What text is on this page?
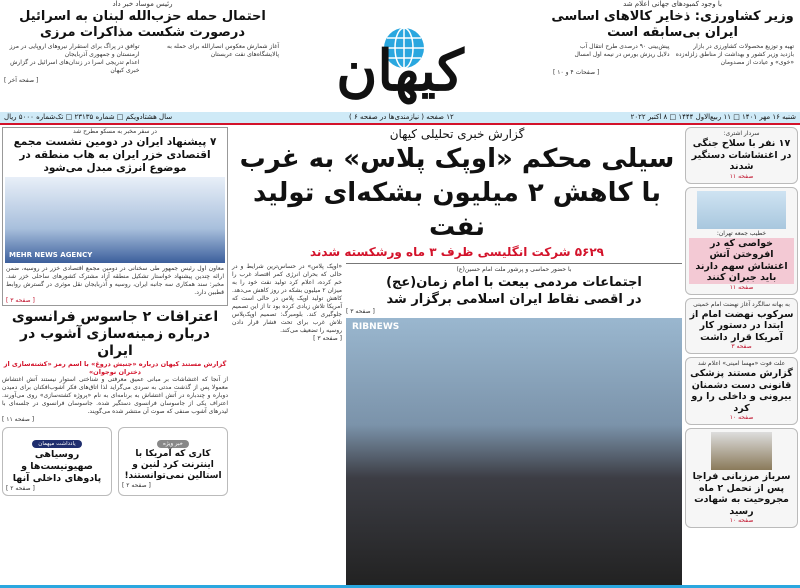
با وجود کمبودهای جهانی اعلام شد
وزیر کشاورزی: ذخایر کالاهای اساسی ایران بی‌سابقه است
تهیه و توزیع محصولات کشاورزی در بازار
بازدید وزیر کشور و بهداشت از مناطق زلزله‌زده «خوی» و عیادت از مصدومان
پیش‌بینی ۹۰ درصدی طرح انتقال آب
دلایل ریزش بورس در نیمه اول امسال
[ صفحات ۴ و ۱۰ ]
کیهان
رئیس موساد خبر داد
احتمال حمله حزب‌الله لبنان به اسرائیل درصورت شکست مذاکرات مرزی
آغاز شمارش معکوس انصارالله برای حمله به پالایشگاه‌های نفت عربستان
توافق در پراگ برای استقرار نیروهای اروپایی در مرز ارمنستان و جمهوری آذربایجان
اعدام تدریجی اسرا در زندان‌های اسرائیل در گزارش خبری کیهان
[ صفحه آخر ]
شنبه ۱۶ مهر ۱۴۰۱ □ ۱۱ ربیع‌الاول ۱۴۴۴ □ ۸ اکتبر ۲۰۲۲
۱۲ صفحه ( نیازمندی‌ها در صفحه ۶ )
سال هشتادویکم □ شماره ۲۳۱۳۵ □ تک‌شماره ۵۰۰۰ ریال
سردار اشتری:
۱۷ نفر با سلاح جنگی در اغتشاشات دستگیر شدند
صفحه ۱۱
خطیب جمعه تهران:
خواصی که در افروختن آتش اغتشاش سهم دارند باید جبران کنند
صفحه ۱۱
به بهانه سالگرد آغاز نهضت امام خمینی
سرکوب نهضت امام از ابتدا در دستور کار آمریکا قرار داشت
صفحه ۳
علت فوت «مهسا امینی» اعلام شد
گزارش مستند پزشکی قانونی دست دشمنان بیرونی و داخلی را رو کرد
صفحه ۱۰
سرباز مرزبانی فراجا پس از تحمل ۲ ماه مجروحیت به شهادت رسید
صفحه ۱۰
گزارش خبری تحلیلی کیهان
سیلی محکم «اوپک پلاس» به غرب
با کاهش ۲ میلیون بشکه‌ای تولید نفت
۵۶۲۹ شرکت انگلیسی ظرف ۳ ماه ورشکسته شدند
با حضور حماسی و پرشور ملت امام حسین(ع)
اجتماعات مردمی بیعت با امام زمان(عج)
در اقصی نقاط ایران اسلامی برگزار شد
[ صفحه ۳ ]
RIBNEWS
«اوپک پلاس» در حساس‌ترین شرایط و در حالی که بحران انرژی کمر اقتصاد غرب را خم کرده، اعلام کرد تولید نفت خود را به میزان ۲ میلیون بشکه در روز کاهش می‌دهد. کاهش تولید اوپک پلاس در حالی است که آمریکا تلاش زیادی کرده بود تا از این تصمیم جلوگیری کند. بلومبرگ: تصمیم اوپک‌پلاس تلاش غرب برای تحت فشار قرار دادن روسیه را تضعیف می‌کند.
[ صفحه ۳ ]
در سفر مخبر به مسکو مطرح شد
۷ پیشنهاد ایران در دومین نشست مجمع اقتصادی خزر ایران به هاب منطقه در موضوع انرژی مبدل می‌شود
MEHR NEWS AGENCY
معاون اول رئیس جمهور طی سخنانی در دومین مجمع اقتصادی خزر در روسیه، ضمن ارائه چندین پیشنهاد خواستار تشکیل منطقه آزاد مشترک کشورهای ساحلی خزر شد. مخبر: سند همکاری سه جانبه ایران، روسیه و آذربایجان نقل موثری در گسترش روابط قطبین دارد.
[ صفحه ۳ ]
اعترافات ۲ جاسوس فرانسوی
درباره زمینه‌سازی آشوب در ایران
گزارش مستند کیهان درباره «جنبش دروغ» با اسم رمز «کشته‌سازی از دختران نوجوان»
از آنجا که اغتشاشات بر مبانی عمیق معرفتی و شناختی استوار نیستند آتش اغتشاش معمولا پس از گذشت مدتی به سردی می‌گراید لذا اتاق‌های فکر آشوب‌افکنان برای دمیدن دوباره و چندباره در آتش اغتشاش به برنامه‌ای به نام «پروژه کشته‌سازی» روی می‌آورند. اعتراف یکی از جاسوسان فرانسوی دستگیر شده. جاسوسان فرانسوی در جلسه‌ای با لیدرهای آشوب صنفی که صوت آن منتشر شده می‌گویند.
[ صفحه ۱۱ ]
خبر ویژه
کاری که آمریکا با اینترنت کرد لنین و استالین نمی‌توانستند!
[ صفحه ۲ ]
یادداشت میهمان
روسیاهی صهیونیست‌ها و پادوهای داخلی آنها
[ صفحه ۲ ]
